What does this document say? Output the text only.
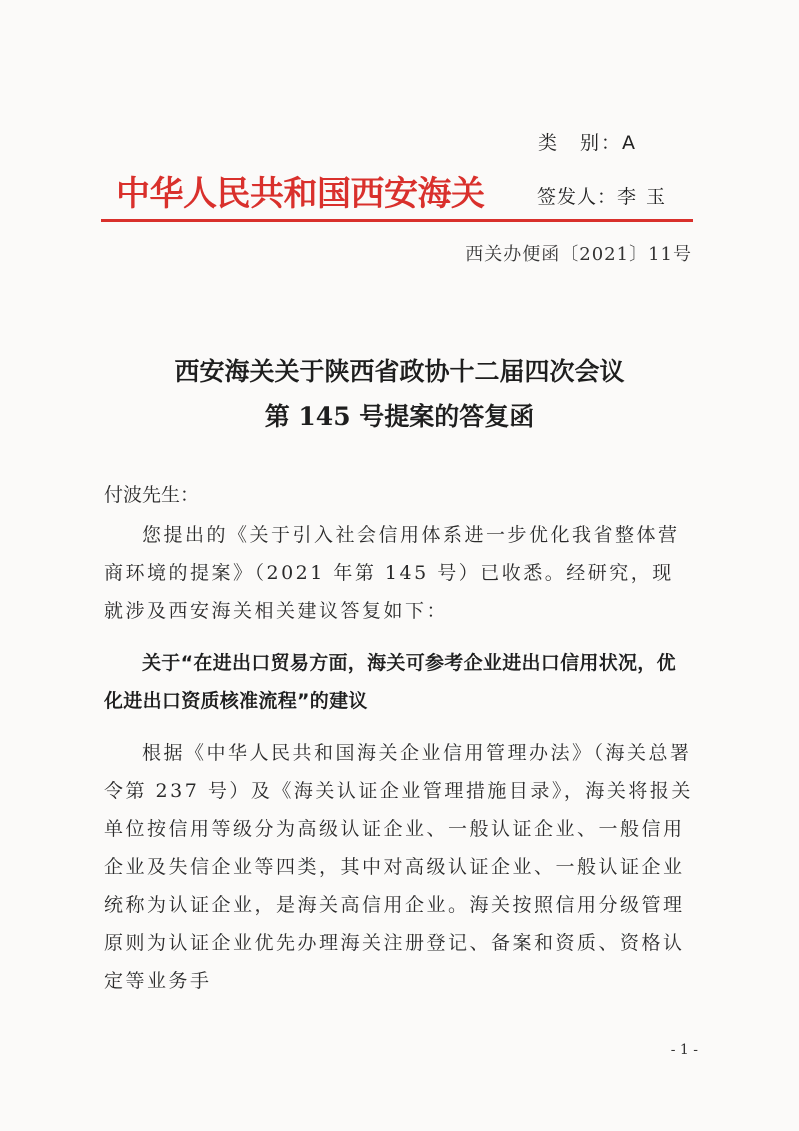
类　别：A
中华人民共和国西安海关	签发人：李玉
西关办便函〔2021〕11号
西安海关关于陕西省政协十二届四次会议
第 145 号提案的答复函
付波先生：
您提出的《关于引入社会信用体系进一步优化我省整体营商环境的提案》（2021 年第 145 号）已收悉。经研究，现就涉及西安海关相关建议答复如下：
关于“在进出口贸易方面，海关可参考企业进出口信用状况，优化进出口资质核准流程”的建议
根据《中华人民共和国海关企业信用管理办法》（海关总署令第 237 号）及《海关认证企业管理措施目录》，海关将报关单位按信用等级分为高级认证企业、一般认证企业、一般信用企业及失信企业等四类，其中对高级认证企业、一般认证企业统称为认证企业，是海关高信用企业。海关按照信用分级管理原则为认证企业优先办理海关注册登记、备案和资质、资格认定等业务手
- 1 -
